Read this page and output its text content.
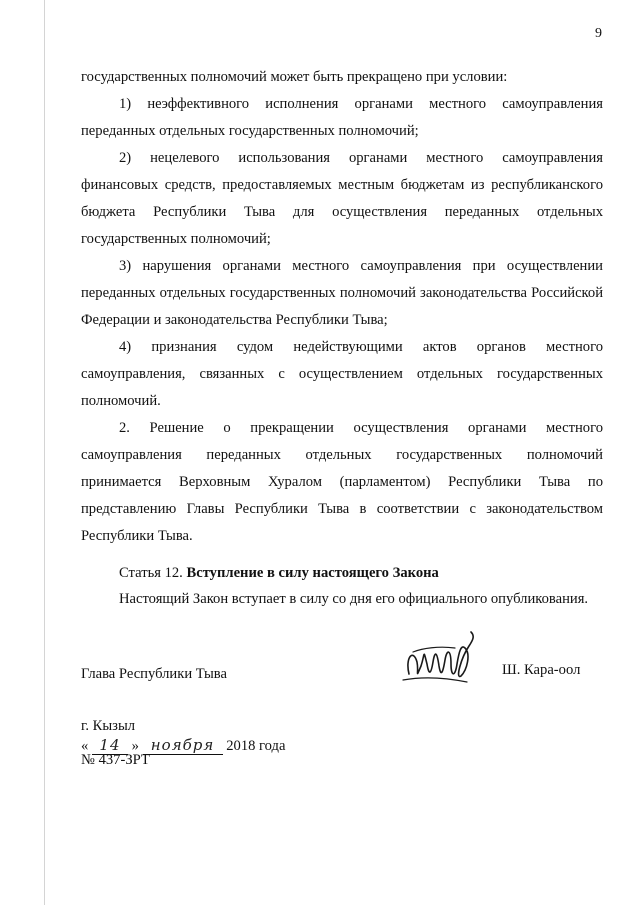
9

государственных полномочий может быть прекращено при условии:

1) неэффективного исполнения органами местного самоуправления переданных отдельных государственных полномочий;

2) нецелевого использования органами местного самоуправления финансовых средств, предоставляемых местным бюджетам из республиканского бюджета Республики Тыва для осуществления переданных отдельных государственных полномочий;

3) нарушения органами местного самоуправления при осуществлении переданных отдельных государственных полномочий законодательства Российской Федерации и законодательства Республики Тыва;

4) признания судом недействующими актов органов местного самоуправления, связанных с осуществлением отдельных государственных полномочий.

2. Решение о прекращении осуществления органами местного самоуправления переданных отдельных государственных полномочий принимается Верховным Хуралом (парламентом) Республики Тыва по представлению Главы Республики Тыва в соответствии с законодательством Республики Тыва.

Статья 12. Вступление в силу настоящего Закона
Настоящий Закон вступает в силу со дня его официального опубликования.
Глава Республики Тыва	Ш. Кара-оол
г. Кызыл
« 14 » ноября 2018 года
№ 437-ЗРТ
